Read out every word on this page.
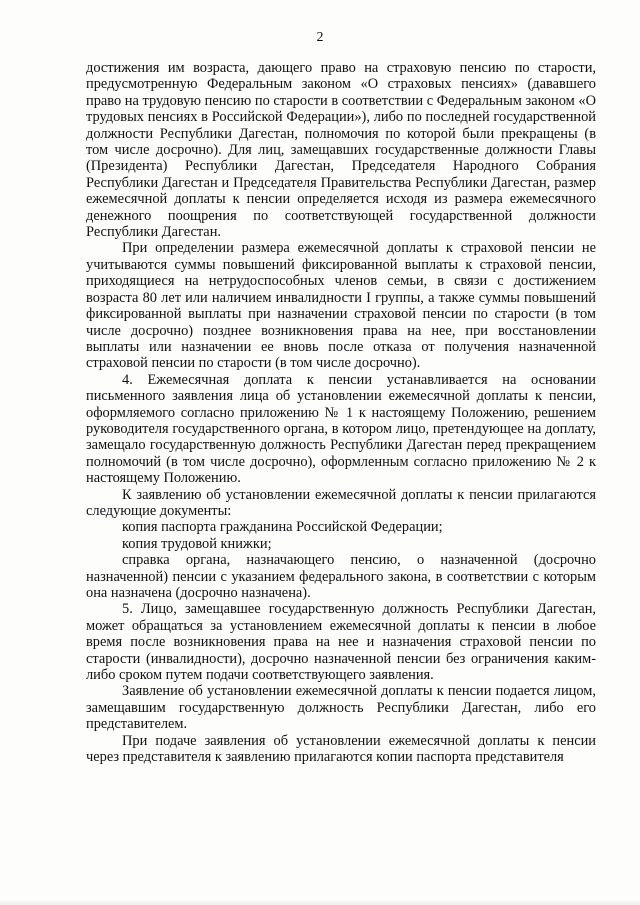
2

достижения им возраста, дающего право на страховую пенсию по старости, предусмотренную Федеральным законом «О страховых пенсиях» (дававшего право на трудовую пенсию по старости в соответствии с Федеральным законом «О трудовых пенсиях в Российской Федерации»), либо по последней государственной должности Республики Дагестан, полномочия по которой были прекращены (в том числе досрочно). Для лиц, замещавших государственные должности Главы (Президента) Республики Дагестан, Председателя Народного Собрания Республики Дагестан и Председателя Правительства Республики Дагестан, размер ежемесячной доплаты к пенсии определяется исходя из размера ежемесячного денежного поощрения по соответствующей государственной должности Республики Дагестан.

При определении размера ежемесячной доплаты к страховой пенсии не учитываются суммы повышений фиксированной выплаты к страховой пенсии, приходящиеся на нетрудоспособных членов семьи, в связи с достижением возраста 80 лет или наличием инвалидности I группы, а также суммы повышений фиксированной выплаты при назначении страховой пенсии по старости (в том числе досрочно) позднее возникновения права на нее, при восстановлении выплаты или назначении ее вновь после отказа от получения назначенной страховой пенсии по старости (в том числе досрочно).

4. Ежемесячная доплата к пенсии устанавливается на основании письменного заявления лица об установлении ежемесячной доплаты к пенсии, оформляемого согласно приложению № 1 к настоящему Положению, решением руководителя государственного органа, в котором лицо, претендующее на доплату, замещало государственную должность Республики Дагестан перед прекращением полномочий (в том числе досрочно), оформленным согласно приложению № 2 к настоящему Положению.

К заявлению об установлении ежемесячной доплаты к пенсии прилагаются следующие документы:

копия паспорта гражданина Российской Федерации;

копия трудовой книжки;

справка органа, назначающего пенсию, о назначенной (досрочно назначенной) пенсии с указанием федерального закона, в соответствии с которым она назначена (досрочно назначена).

5. Лицо, замещавшее государственную должность Республики Дагестан, может обращаться за установлением ежемесячной доплаты к пенсии в любое время после возникновения права на нее и назначения страховой пенсии по старости (инвалидности), досрочно назначенной пенсии без ограничения каким-либо сроком путем подачи соответствующего заявления.

Заявление об установлении ежемесячной доплаты к пенсии подается лицом, замещавшим государственную должность Республики Дагестан, либо его представителем.

При подаче заявления об установлении ежемесячной доплаты к пенсии через представителя к заявлению прилагаются копии паспорта представителя
